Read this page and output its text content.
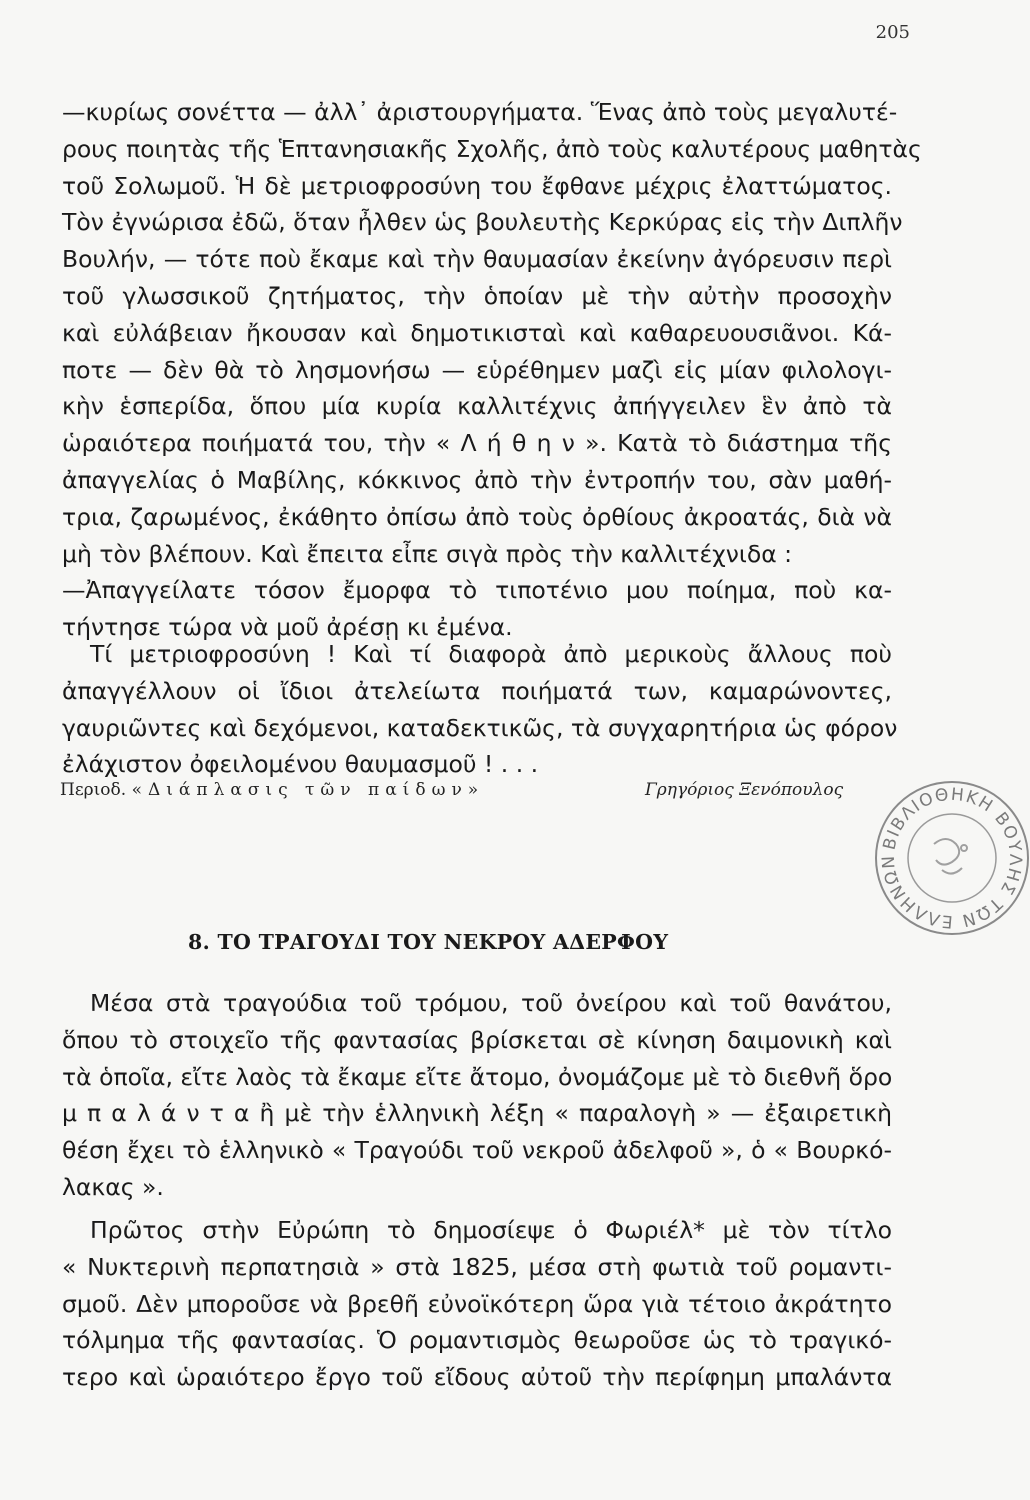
205
—κυρίως σονέττα — ἀλλ᾽ ἀριστουργήματα. Ἕνας ἀπὸ τοὺς μεγαλυτέ-
ρους ποιητὰς τῆς Ἑπτανησιακῆς Σχολῆς, ἀπὸ τοὺς καλυτέρους μαθητὰς
τοῦ Σολωμοῦ. Ἡ δὲ μετριοφροσύνη του ἔφθανε μέχρις ἐλαττώματος.
Τὸν ἐγνώρισα ἐδῶ, ὅταν ἦλθεν ὡς βουλευτὴς Κερκύρας εἰς τὴν Διπλῆν
Βουλήν, — τότε ποὺ ἔκαμε καὶ τὴν θαυμασίαν ἐκείνην ἀγόρευσιν περὶ
τοῦ γλωσσικοῦ ζητήματος, τὴν ὁποίαν μὲ τὴν αὐτὴν προσοχὴν
καὶ εὐλάβειαν ἤκουσαν καὶ δημοτικισταὶ καὶ καθαρευουσιᾶνοι. Κά-
ποτε — δὲν θὰ τὸ λησμονήσω — εὑρέθημεν μαζὶ εἰς μίαν φιλολογι-
κὴν ἑσπερίδα, ὅπου μία κυρία καλλιτέχνις ἀπήγγειλεν ἓν ἀπὸ τὰ
ὡραιότερα ποιήματά του, τὴν « Λ ή θ η ν ». Κατὰ τὸ διάστημα τῆς
ἀπαγγελίας ὁ Μαβίλης, κόκκινος ἀπὸ τὴν ἐντροπήν του, σὰν μαθή-
τρια, ζαρωμένος, ἐκάθητο ὀπίσω ἀπὸ τοὺς ὀρθίους ἀκροατάς, διὰ νὰ
μὴ τὸν βλέπουν. Καὶ ἔπειτα εἶπε σιγὰ πρὸς τὴν καλλιτέχνιδα :
—Ἀπαγγείλατε τόσον ἔμορφα τὸ τιποτένιο μου ποίημα, ποὺ κα-
τήντησε τώρα νὰ μοῦ ἀρέσῃ κι ἐμένα.
Τί μετριοφροσύνη ! Καὶ τί διαφορὰ ἀπὸ μερικοὺς ἄλλους ποὺ
ἀπαγγέλλουν οἱ ἴδιοι ἀτελείωτα ποιήματά των, καμαρώνοντες,
γαυριῶντες καὶ δεχόμενοι, καταδεκτικῶς, τὰ συγχαρητήρια ὡς φόρον
ἐλάχιστον ὀφειλομένου θαυμασμοῦ ! . . .
Περιοδ. «Διάπλασις τῶν παίδων»	Γρηγόριος Ξενόπουλος
8. ΤΟ ΤΡΑΓΟΥΔΙ ΤΟΥ ΝΕΚΡΟΥ ΑΔΕΡΦΟΥ
Μέσα στὰ τραγούδια τοῦ τρόμου, τοῦ ὀνείρου καὶ τοῦ θανάτου,
ὅπου τὸ στοιχεῖο τῆς φαντασίας βρίσκεται σὲ κίνηση δαιμονικὴ καὶ
τὰ ὁποῖα, εἴτε λαὸς τὰ ἔκαμε εἴτε ἄτομο, ὀνομάζομε μὲ τὸ διεθνῆ ὅρο
μ π α λ ά ν τ α ἢ μὲ τὴν ἑλληνικὴ λέξη « παραλογὴ » — ἐξαιρετικὴ
θέση ἔχει τὸ ἑλληνικὸ « Τραγούδι τοῦ νεκροῦ ἀδελφοῦ », ὁ « Βουρκό-
λακας ».
Πρῶτος στὴν Εὐρώπη τὸ δημοσίεψε ὁ Φωριέλ* μὲ τὸν τίτλο
« Νυκτερινὴ περπατησιὰ » στὰ 1825, μέσα στὴ φωτιὰ τοῦ ρομαντι-
σμοῦ. Δὲν μποροῦσε νὰ βρεθῆ εὐνοϊκότερη ὥρα γιὰ τέτοιο ἀκράτητο
τόλμημα τῆς φαντασίας. Ὁ ρομαντισμὸς θεωροῦσε ὡς τὸ τραγικό-
τερο καὶ ὡραιότερο ἔργο τοῦ εἴδους αὐτοῦ τὴν περίφημη μπαλάντα
ΒΙΒΛΙΟΘΗΚΗ ΒΟΥΛΗΣ ΤΩΝ ΕΛΛΗΝΩΝ
